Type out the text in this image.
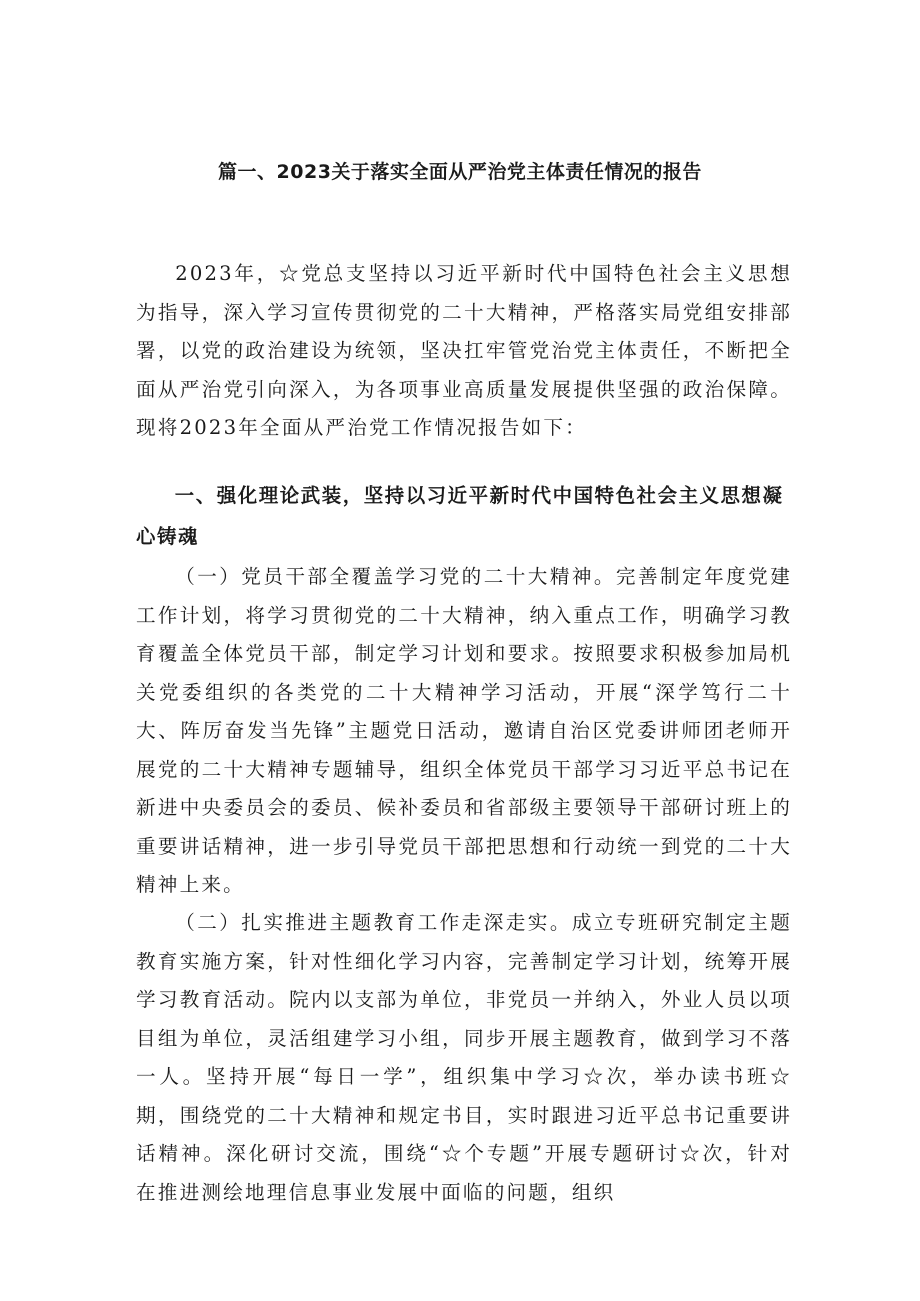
篇一、2023关于落实全面从严治党主体责任情况的报告

2023年，☆党总支坚持以习近平新时代中国特色社会主义思想为指导，深入学习宣传贯彻党的二十大精神，严格落实局党组安排部署，以党的政治建设为统领，坚决扛牢管党治党主体责任，不断把全面从严治党引向深入，为各项事业高质量发展提供坚强的政治保障。现将2023年全面从严治党工作情况报告如下：

一、强化理论武装，坚持以习近平新时代中国特色社会主义思想凝心铸魂

（一）党员干部全覆盖学习党的二十大精神。完善制定年度党建工作计划，将学习贯彻党的二十大精神，纳入重点工作，明确学习教育覆盖全体党员干部，制定学习计划和要求。按照要求积极参加局机关党委组织的各类党的二十大精神学习活动，开展“深学笃行二十大、阵厉奋发当先锋”主题党日活动，邀请自治区党委讲师团老师开展党的二十大精神专题辅导，组织全体党员干部学习习近平总书记在新进中央委员会的委员、候补委员和省部级主要领导干部研讨班上的重要讲话精神，进一步引导党员干部把思想和行动统一到党的二十大精神上来。

（二）扎实推进主题教育工作走深走实。成立专班研究制定主题教育实施方案，针对性细化学习内容，完善制定学习计划，统筹开展学习教育活动。院内以支部为单位，非党员一并纳入，外业人员以项目组为单位，灵活组建学习小组，同步开展主题教育，做到学习不落一人。坚持开展“每日一学”，组织集中学习☆次，举办读书班☆期，围绕党的二十大精神和规定书目，实时跟进习近平总书记重要讲话精神。深化研讨交流，围绕“☆个专题”开展专题研讨☆次，针对在推进测绘地理信息事业发展中面临的问题，组织
